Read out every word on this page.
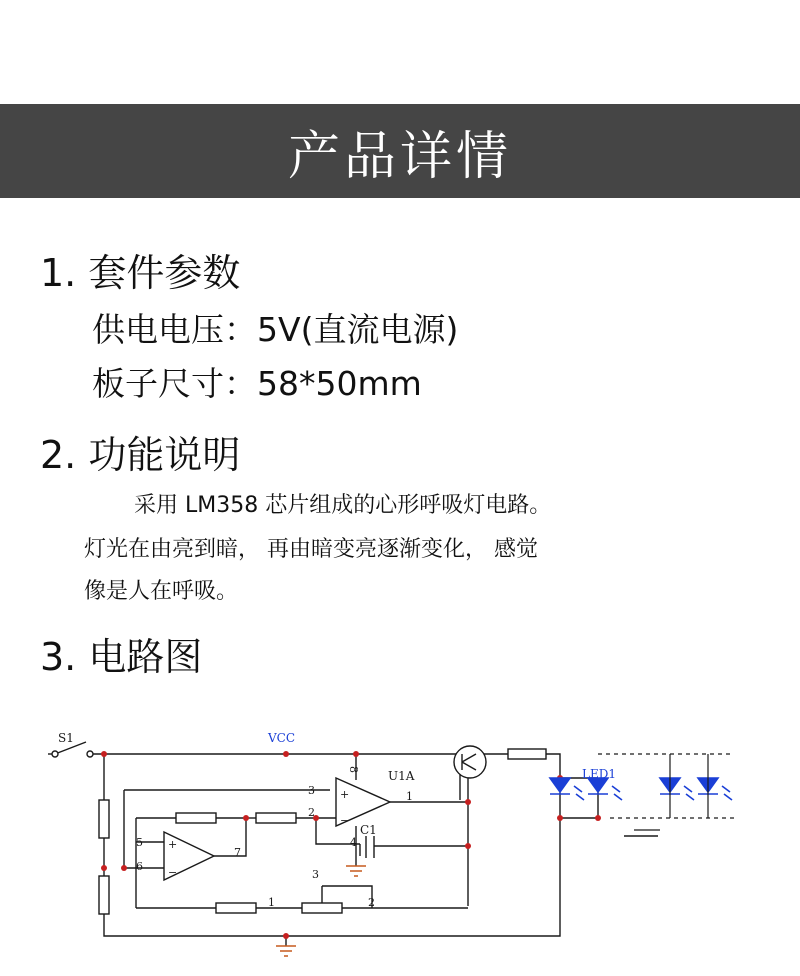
产品详情
1. 套件参数

供电电压：5V(直流电源)

板子尺寸：58*50mm

2. 功能说明

采用 LM358 芯片组成的心形呼吸灯电路。

灯光在由亮到暗， 再由暗变亮逐渐变化， 感觉

像是人在呼吸。

3. 电路图
+
−
+
−
S1	VCC
U1A	LED1
C1
3
2
1
8
4
5
6
7
3
1	2
